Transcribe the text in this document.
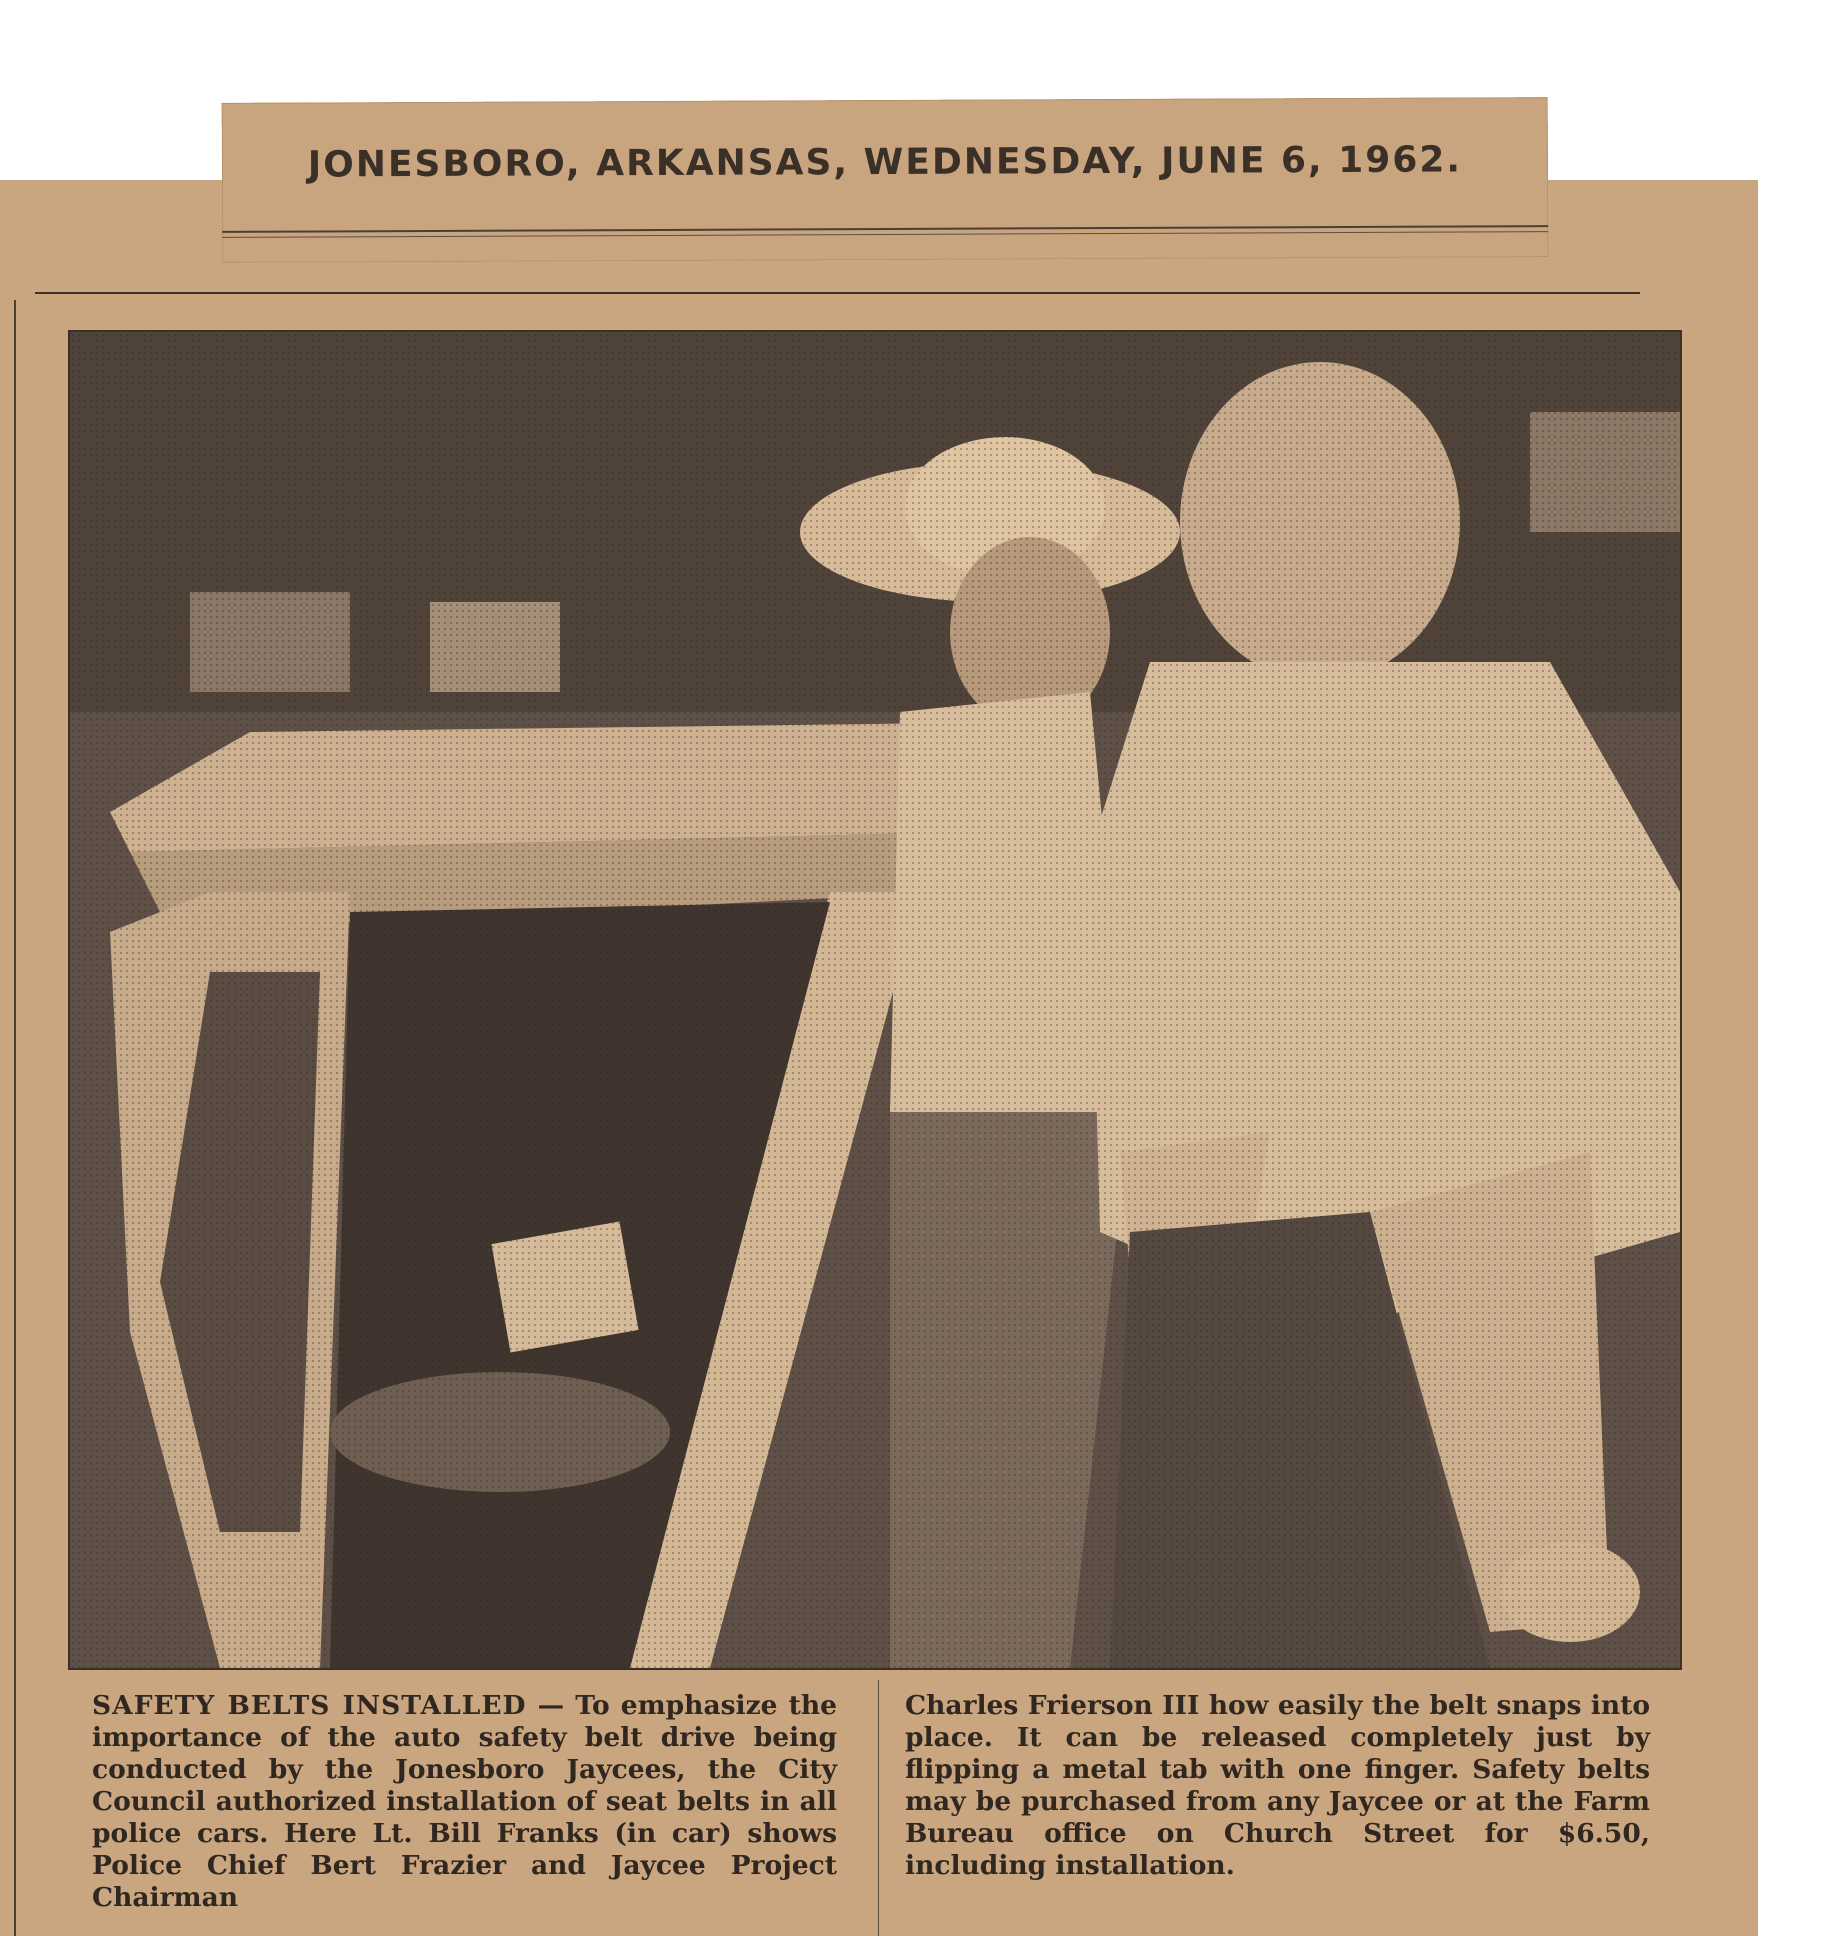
JONESBORO, ARKANSAS, WEDNESDAY, JUNE 6, 1962.
SAFETY BELTS INSTALLED — To emphasize the importance of the auto safety belt drive being conducted by the Jonesboro Jaycees, the City Council authorized installation of seat belts in all police cars. Here Lt. Bill Franks (in car) shows Police Chief Bert Frazier and Jaycee Project Chairman
Charles Frierson III how easily the belt snaps into place. It can be released completely just by flipping a metal tab with one finger. Safety belts may be purchased from any Jaycee or at the Farm Bureau office on Church Street for $6.50, including installation.
